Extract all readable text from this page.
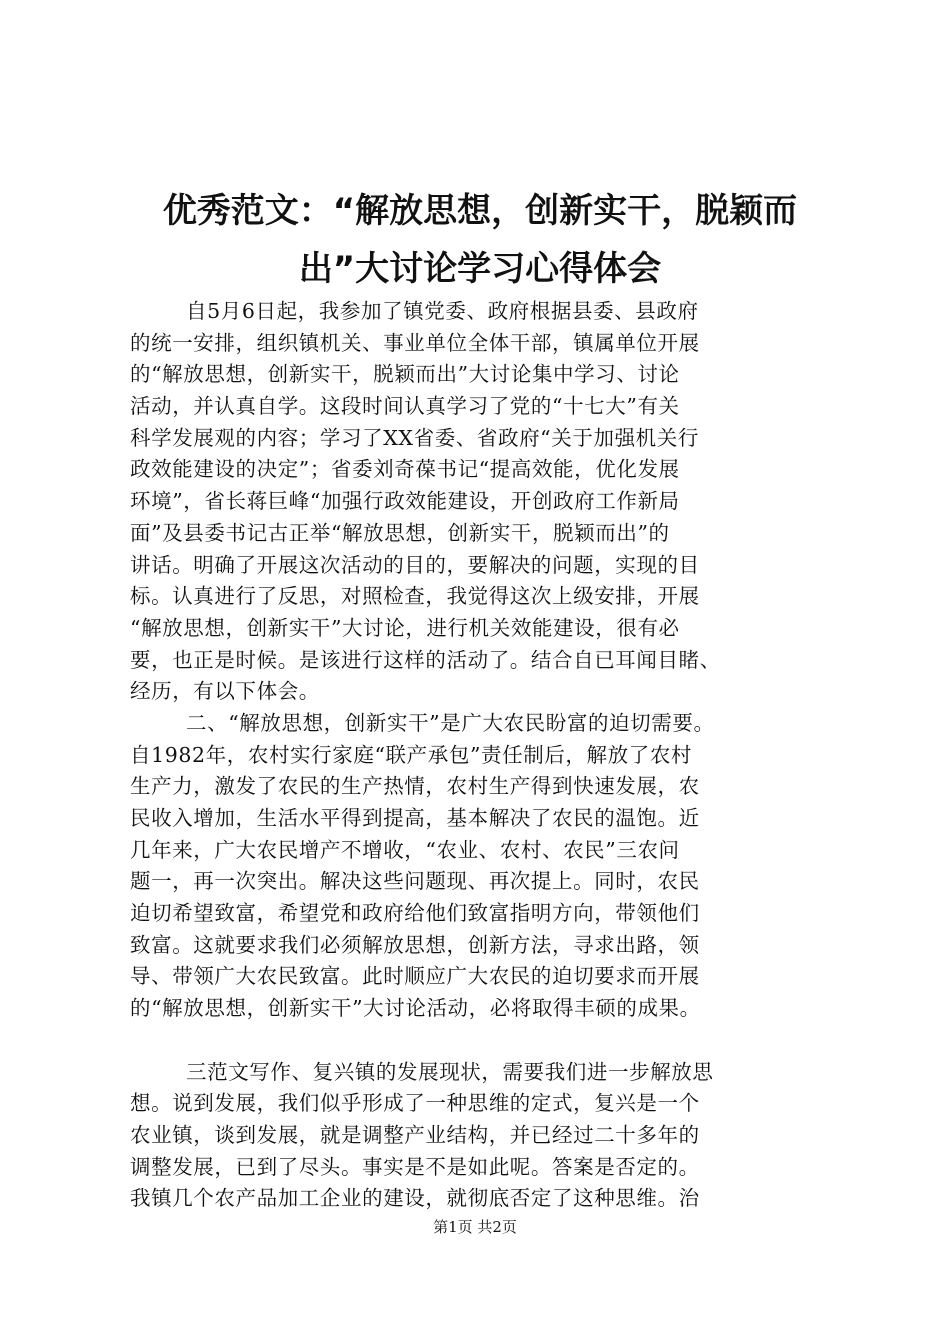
优秀范文：“解放思想，创新实干，脱颖而
出”大讨论学习心得体会
自5月6日起，我参加了镇党委、政府根据县委、县政府
的统一安排，组织镇机关、事业单位全体干部，镇属单位开展
的“解放思想，创新实干，脱颖而出”大讨论集中学习、讨论
活动，并认真自学。这段时间认真学习了党的“十七大”有关
科学发展观的内容；学习了XX省委、省政府“关于加强机关行
政效能建设的决定”；省委刘奇葆书记“提高效能，优化发展
环境”，省长蒋巨峰“加强行政效能建设，开创政府工作新局
面”及县委书记古正举“解放思想，创新实干，脱颖而出”的
讲话。明确了开展这次活动的目的，要解决的问题，实现的目
标。认真进行了反思，对照检查，我觉得这次上级安排，开展
“解放思想，创新实干”大讨论，进行机关效能建设，很有必
要，也正是时候。是该进行这样的活动了。结合自已耳闻目睹、
经历，有以下体会。
二、“解放思想，创新实干”是广大农民盼富的迫切需要。
自1982年，农村实行家庭“联产承包”责任制后，解放了农村
生产力，激发了农民的生产热情，农村生产得到快速发展，农
民收入增加，生活水平得到提高，基本解决了农民的温饱。近
几年来，广大农民增产不增收，“农业、农村、农民”三农问
题一，再一次突出。解决这些问题现、再次提上。同时，农民
迫切希望致富，希望党和政府给他们致富指明方向，带领他们
致富。这就要求我们必须解放思想，创新方法，寻求出路，领
导、带领广大农民致富。此时顺应广大农民的迫切要求而开展
的“解放思想，创新实干”大讨论活动，必将取得丰硕的成果。
三范文写作、复兴镇的发展现状，需要我们进一步解放思
想。说到发展，我们似乎形成了一种思维的定式，复兴是一个
农业镇，谈到发展，就是调整产业结构，并已经过二十多年的
调整发展，已到了尽头。事实是不是如此呢。答案是否定的。
我镇几个农产品加工企业的建设，就彻底否定了这种思维。治
第1页 共2页
